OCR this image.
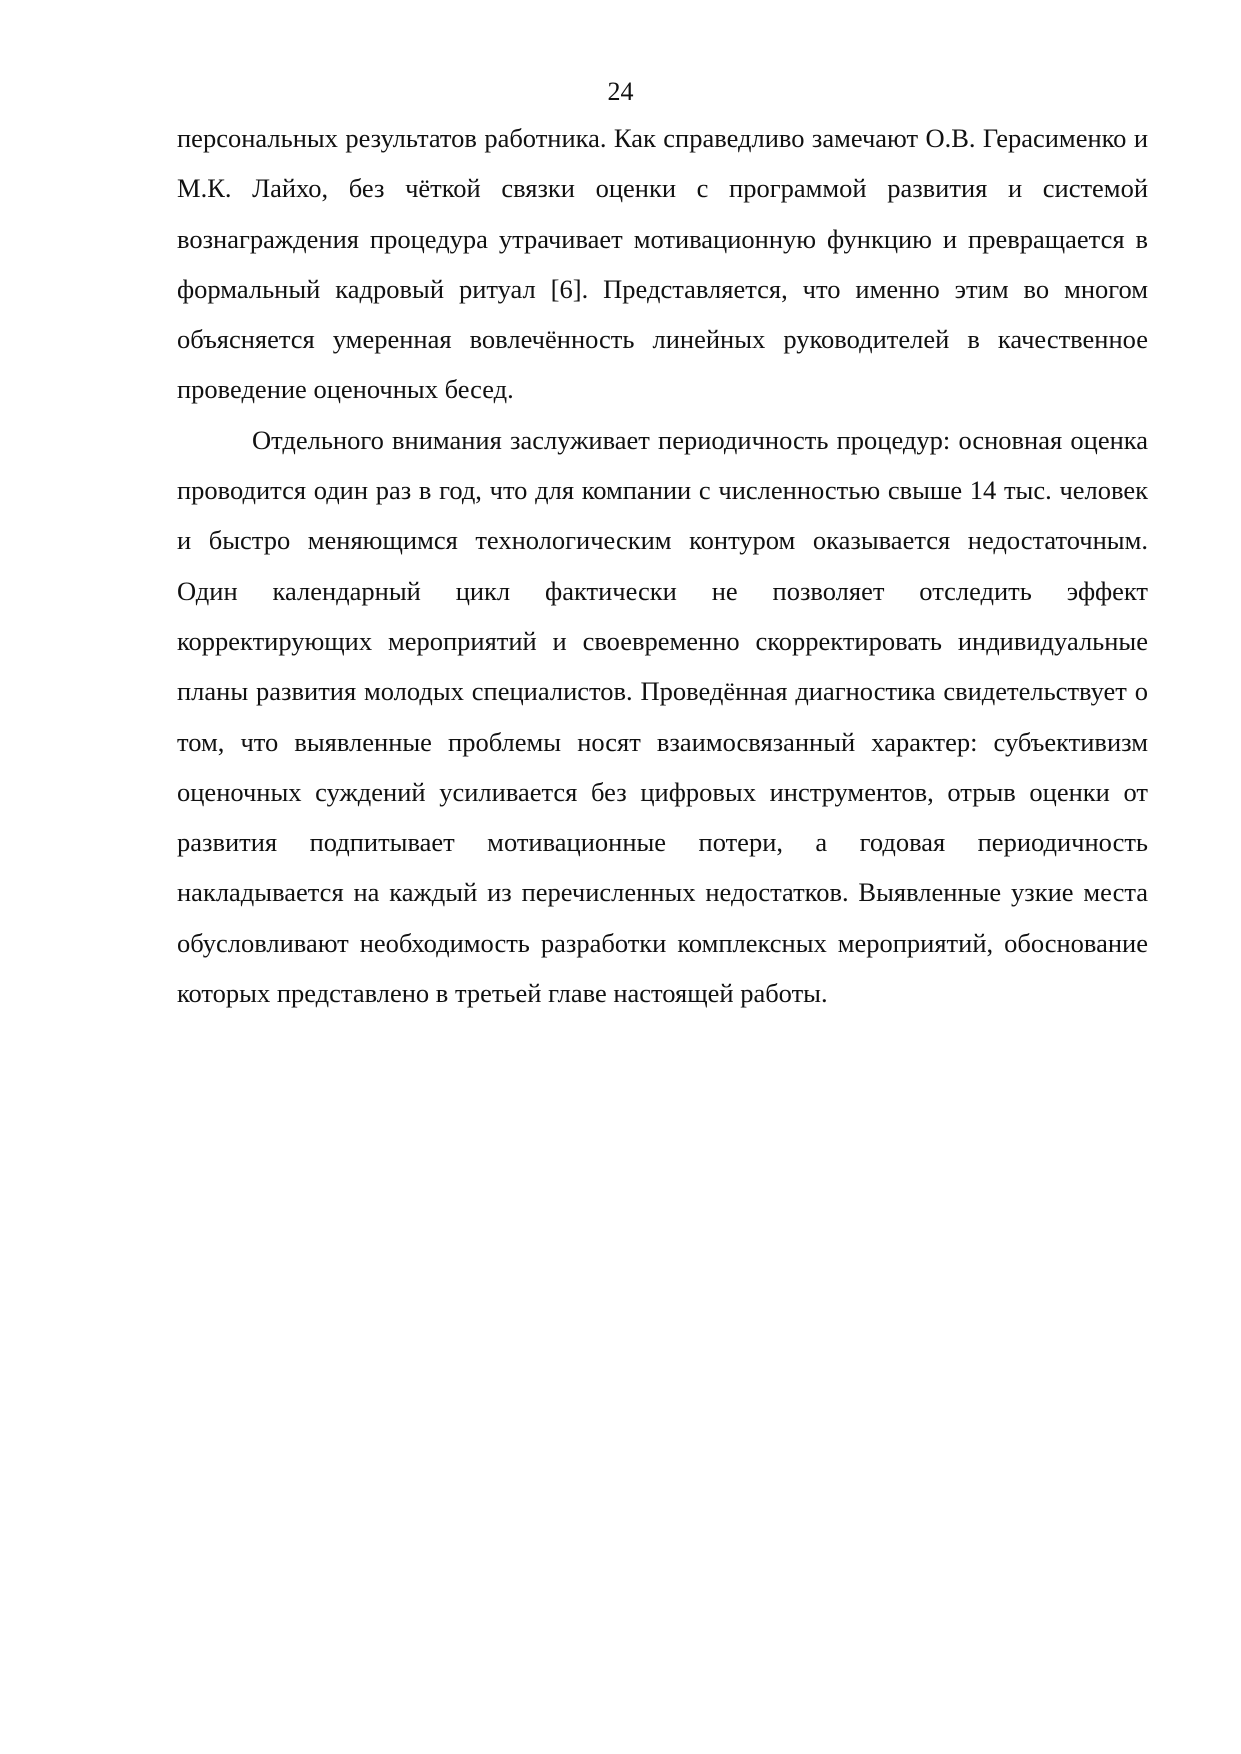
24

персональных результатов работника. Как справедливо замечают О.В. Герасименко и М.К. Лайхо, без чёткой связки оценки с программой развития и системой вознаграждения процедура утрачивает мотивационную функцию и превращается в формальный кадровый ритуал [6]. Представляется, что именно этим во многом объясняется умеренная вовлечённость линейных руководителей в качественное проведение оценочных бесед.

Отдельного внимания заслуживает периодичность процедур: основная оценка проводится один раз в год, что для компании с численностью свыше 14 тыс. человек и быстро меняющимся технологическим контуром оказывается недостаточным. Один календарный цикл фактически не позволяет отследить эффект корректирующих мероприятий и своевременно скорректировать индивидуальные планы развития молодых специалистов. Проведённая диагностика свидетельствует о том, что выявленные проблемы носят взаимосвязанный характер: субъективизм оценочных суждений усиливается без цифровых инструментов, отрыв оценки от развития подпитывает мотивационные потери, а годовая периодичность накладывается на каждый из перечисленных недостатков. Выявленные узкие места обусловливают необходимость разработки комплексных мероприятий, обоснование которых представлено в третьей главе настоящей работы.
